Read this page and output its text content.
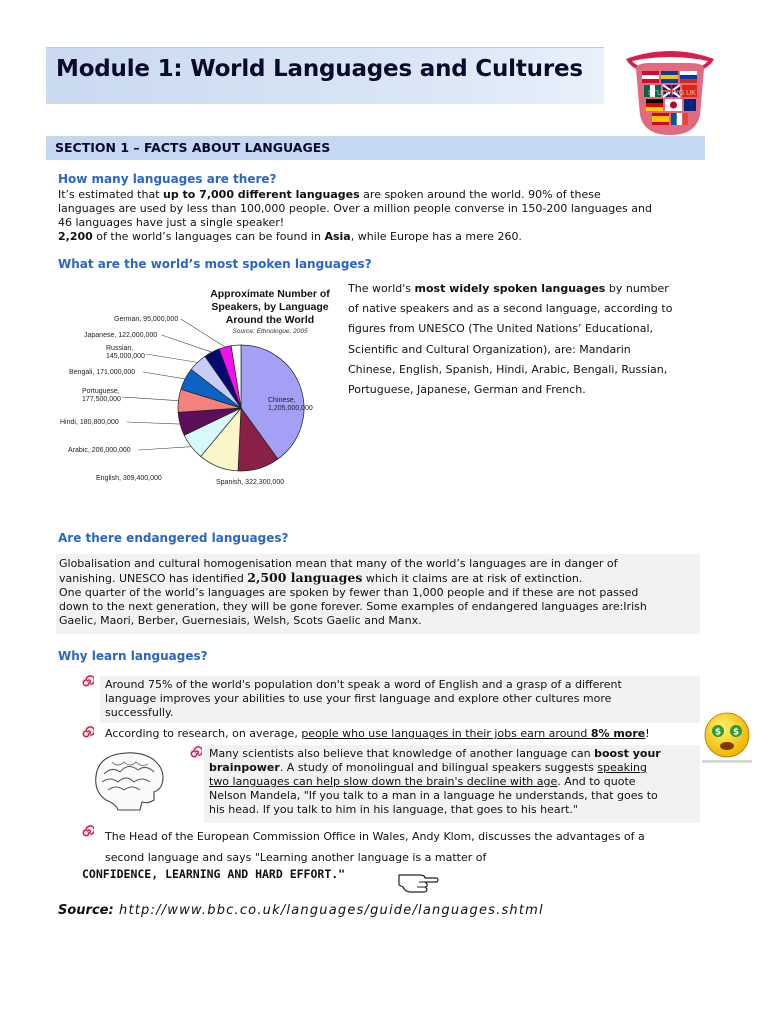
Module 1: World Languages and Cultures
STUDYING UK
SECTION 1 – FACTS ABOUT LANGUAGES
How many languages are there?
It’s estimated that up to 7,000 different languages are spoken around the world. 90% of these
languages are used by less than 100,000 people. Over a million people converse in 150-200 languages and
46 languages have just a single speaker!
2,200 of the world’s languages can be found in Asia, while Europe has a mere 260.
What are the world’s most spoken languages?
Approximate Number of
Speakers, by Language
Around the World
Source: Ethnologue, 2005
Chinese,
1,205,000,000
Spanish, 322,300,000
English, 309,400,000
Arabic, 206,000,000
Hindi, 180,800,000
Portuguese,
177,500,000
Bengali, 171,000,000
Russian,
145,000,000
Japanese, 122,000,000
German, 95,000,000
The world's most widely spoken languages by number
of native speakers and as a second language, according to
figures from UNESCO (The United Nations’ Educational,
Scientific and Cultural Organization), are: Mandarin
Chinese, English, Spanish, Hindi, Arabic, Bengali, Russian,
Portuguese, Japanese, German and French.
Are there endangered languages?
Globalisation and cultural homogenisation mean that many of the world’s languages are in danger of
vanishing. UNESCO has identified 2,500 languages which it claims are at risk of extinction.
One quarter of the world’s languages are spoken by fewer than 1,000 people and if these are not passed
down to the next generation, they will be gone forever. Some examples of endangered languages are:Irish
Gaelic, Maori, Berber, Guernesiais, Welsh, Scots Gaelic and Manx.
Why learn languages?
Around 75% of the world's population don't speak a word of English and a grasp of a different
language improves your abilities to use your first language and explore other cultures more
successfully.
According to research, on average, people who use languages in their jobs earn around 8% more!	$ $
Many scientists also believe that knowledge of another language can boost your
brainpower. A study of monolingual and bilingual speakers suggests speaking
two languages can help slow down the brain's decline with age. And to quote
Nelson Mandela, "If you talk to a man in a language he understands, that goes to
his head. If you talk to him in his language, that goes to his heart."
The Head of the European Commission Office in Wales, Andy Klom, discusses the advantages of a
second language and says "Learning another language is a matter of
CONFIDENCE, LEARNING AND HARD EFFORT."
Source: http://www.bbc.co.uk/languages/guide/languages.shtml
